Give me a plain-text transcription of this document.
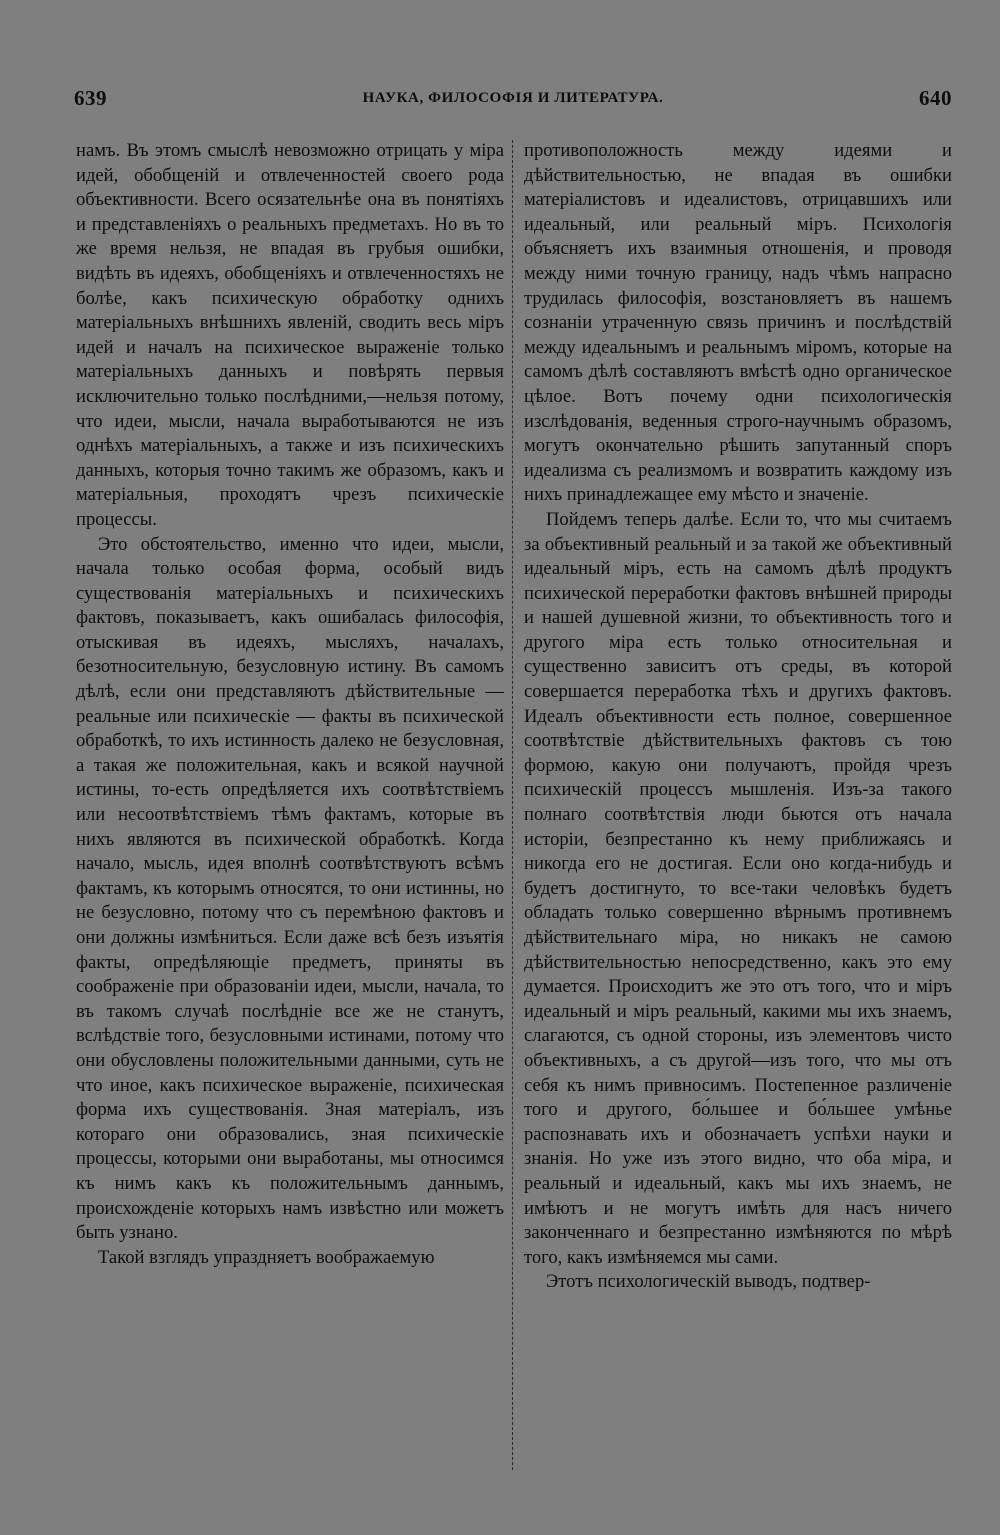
639	НАУКА, ФИЛОСОФІЯ И ЛИТЕРАТУРА.	640

намъ. Въ этомъ смыслѣ невозможно отрицать у міра идей, обобщеній и отвлеченностей своего рода объективности. Всего осязательнѣе она въ понятіяхъ и представленіяхъ о реальныхъ предметахъ. Но въ то же время нельзя, не впадая въ грубыя ошибки, видѣть въ идеяхъ, обобщеніяхъ и отвлеченностяхъ не болѣе, какъ психическую обработку однихъ матеріальныхъ внѣшнихъ явленій, сводить весь міръ идей и началъ на психическое выраженіе только матеріальныхъ данныхъ и повѣрять первыя исключительно только послѣдними,—нельзя потому, что идеи, мысли, начала выработываются не изъ однѣхъ матеріальныхъ, а также и изъ психическихъ данныхъ, которыя точно такимъ же образомъ, какъ и матеріальныя, проходятъ чрезъ психическіе процессы.

Это обстоятельство, именно что идеи, мысли, начала только особая форма, особый видъ существованія матеріальныхъ и психическихъ фактовъ, показываетъ, какъ ошибалась философія, отыскивая въ идеяхъ, мысляхъ, началахъ, безотносительную, безусловную истину. Въ самомъ дѣлѣ, если они представляютъ дѣйствительные — реальные или психическіе — факты въ психической обработкѣ, то ихъ истинность далеко не безусловная, а такая же положительная, какъ и всякой научной истины, то-есть опредѣляется ихъ соотвѣтствіемъ или несоотвѣтствіемъ тѣмъ фактамъ, которые въ нихъ являются въ психической обработкѣ. Когда начало, мысль, идея вполнѣ соотвѣтствуютъ всѣмъ фактамъ, къ которымъ относятся, то они истинны, но не безусловно, потому что съ перемѣною фактовъ и они должны измѣниться. Если даже всѣ безъ изъятія факты, опредѣляющіе предметъ, приняты въ соображеніе при образованіи идеи, мысли, начала, то въ такомъ случаѣ послѣдніе все же не станутъ, вслѣдствіе того, безусловными истинами, потому что они обусловлены положительными данными, суть не что иное, какъ психическое выраженіе, психическая форма ихъ существованія. Зная матеріалъ, изъ котораго они образовались, зная психическіе процессы, которыми они выработаны, мы относимся къ нимъ какъ къ положительнымъ даннымъ, происхожденіе которыхъ намъ извѣстно или можетъ быть узнано.

Такой взглядъ упраздняетъ воображаемую

противоположность между идеями и дѣйствительностью, не впадая въ ошибки матеріалистовъ и идеалистовъ, отрицавшихъ или идеальный, или реальный міръ. Психологія объясняетъ ихъ взаимныя отношенія, и проводя между ними точную границу, надъ чѣмъ напрасно трудилась философія, возстановляетъ въ нашемъ сознаніи утраченную связь причинъ и послѣдствій между идеальнымъ и реальнымъ міромъ, которые на самомъ дѣлѣ составляютъ вмѣстѣ одно органическое цѣлое. Вотъ почему одни психологическія изслѣдованія, веденныя строго-научнымъ образомъ, могутъ окончательно рѣшить запутанный споръ идеализма съ реализмомъ и возвратить каждому изъ нихъ принадлежащее ему мѣсто и значеніе.

Пойдемъ теперь далѣе. Если то, что мы считаемъ за объективный реальный и за такой же объективный идеальный міръ, есть на самомъ дѣлѣ продуктъ психической переработки фактовъ внѣшней природы и нашей душевной жизни, то объективность того и другого міра есть только относительная и существенно зависитъ отъ среды, въ которой совершается переработка тѣхъ и другихъ фактовъ. Идеалъ объективности есть полное, совершенное соотвѣтствіе дѣйствительныхъ фактовъ съ тою формою, какую они получаютъ, пройдя чрезъ психическій процессъ мышленія. Изъ-за такого полнаго соотвѣтствія люди бьются отъ начала исторіи, безпрестанно къ нему приближаясь и никогда его не достигая. Если оно когда-нибудь и будетъ достигнуто, то все-таки человѣкъ будетъ обладать только совершенно вѣрнымъ противнемъ дѣйствительнаго міра, но никакъ не самою дѣйствительностью непосредственно, какъ это ему думается. Происходитъ же это отъ того, что и міръ идеальный и міръ реальный, какими мы ихъ знаемъ, слагаются, съ одной стороны, изъ элементовъ чисто объективныхъ, а съ другой—изъ того, что мы отъ себя къ нимъ привносимъ. Постепенное различеніе того и другого, бо́льшее и бо́льшее умѣнье распознавать ихъ и обозначаетъ успѣхи науки и знанія. Но уже изъ этого видно, что оба міра, и реальный и идеальный, какъ мы ихъ знаемъ, не имѣютъ и не могутъ имѣть для насъ ничего законченнаго и безпрестанно измѣняются по мѣрѣ того, какъ измѣняемся мы сами.

Этотъ психологическій выводъ, подтвер-
